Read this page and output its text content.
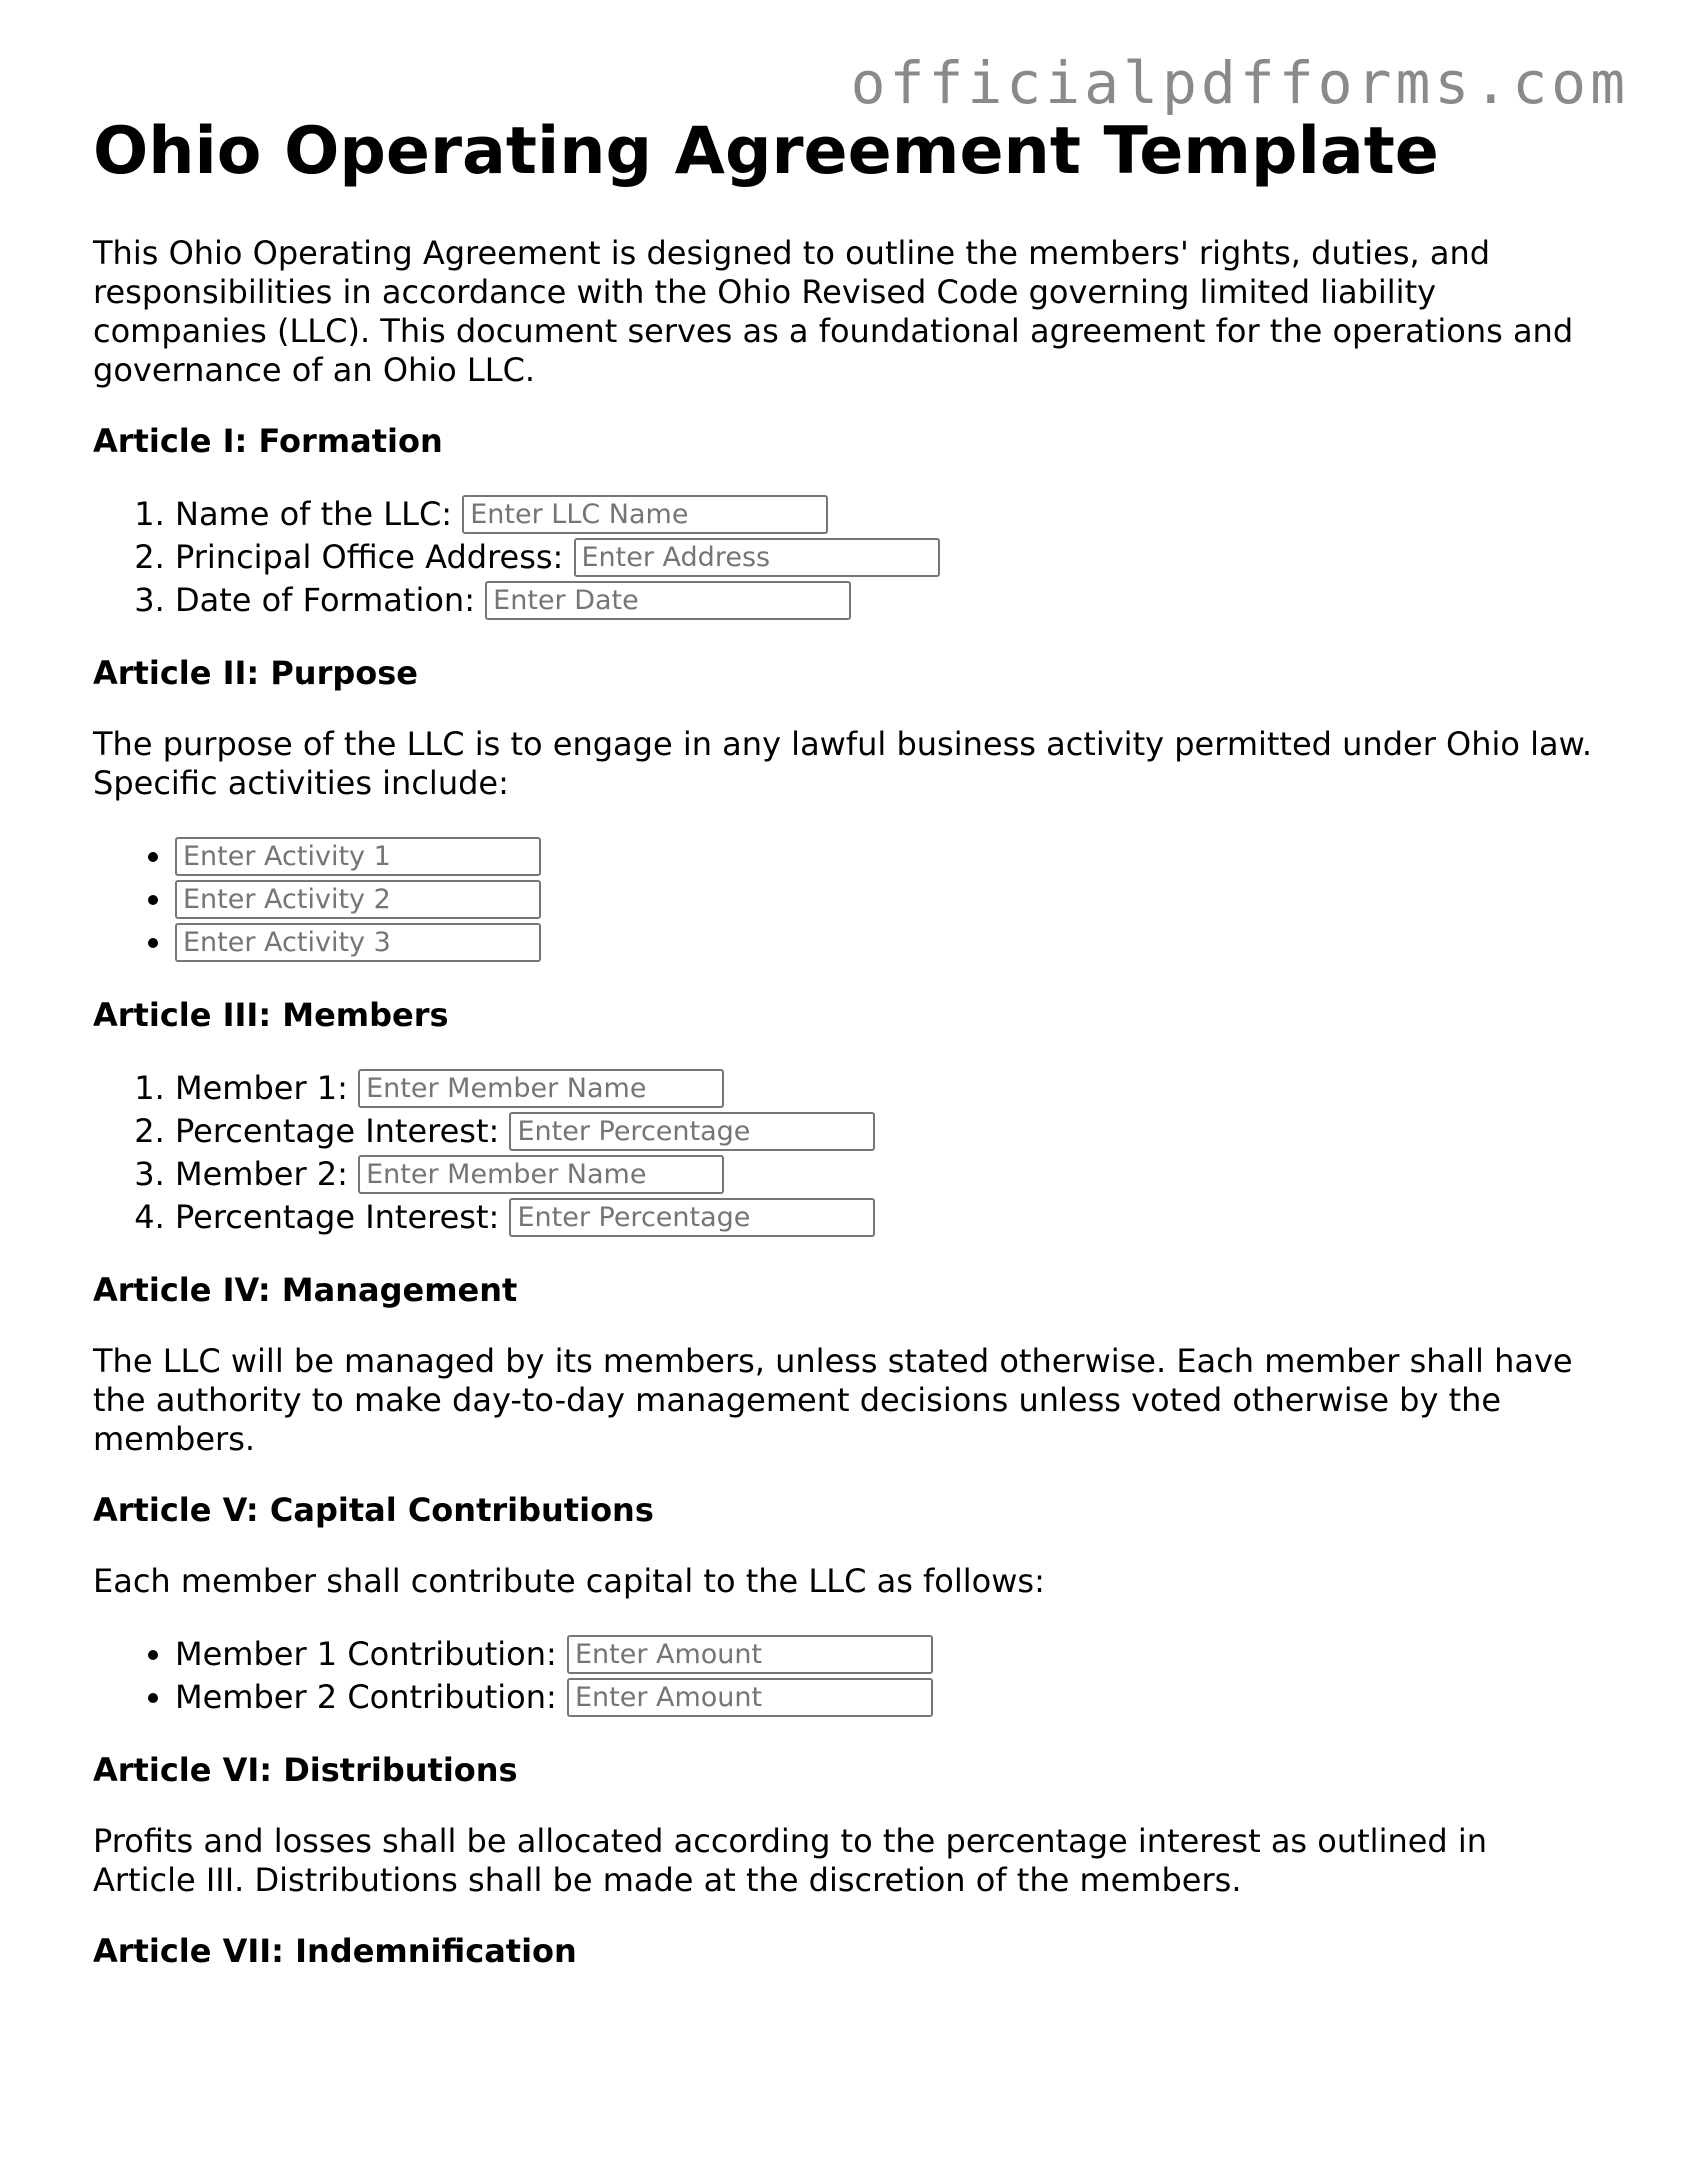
officialpdfforms.com
Ohio Operating Agreement Template

This Ohio Operating Agreement is designed to outline the members' rights, duties, and responsibilities in accordance with the Ohio Revised Code governing limited liability companies (LLC). This document serves as a foundational agreement for the operations and governance of an Ohio LLC.

Article I: Formation
1. Name of the LLC: Enter LLC Name
2. Principal Office Address: Enter Address
3. Date of Formation: Enter Date
Article II: Purpose

The purpose of the LLC is to engage in any lawful business activity permitted under Ohio law. Specific activities include:

• Enter Activity 1
• Enter Activity 2
• Enter Activity 3
Article III: Members
1. Member 1: Enter Member Name
2. Percentage Interest: Enter Percentage
3. Member 2: Enter Member Name
4. Percentage Interest: Enter Percentage
Article IV: Management

The LLC will be managed by its members, unless stated otherwise. Each member shall have the authority to make day-to-day management decisions unless voted otherwise by the members.

Article V: Capital Contributions

Each member shall contribute capital to the LLC as follows:

• Member 1 Contribution: Enter Amount
• Member 2 Contribution: Enter Amount
Article VI: Distributions

Profits and losses shall be allocated according to the percentage interest as outlined in Article III. Distributions shall be made at the discretion of the members.

Article VII: Indemnification
